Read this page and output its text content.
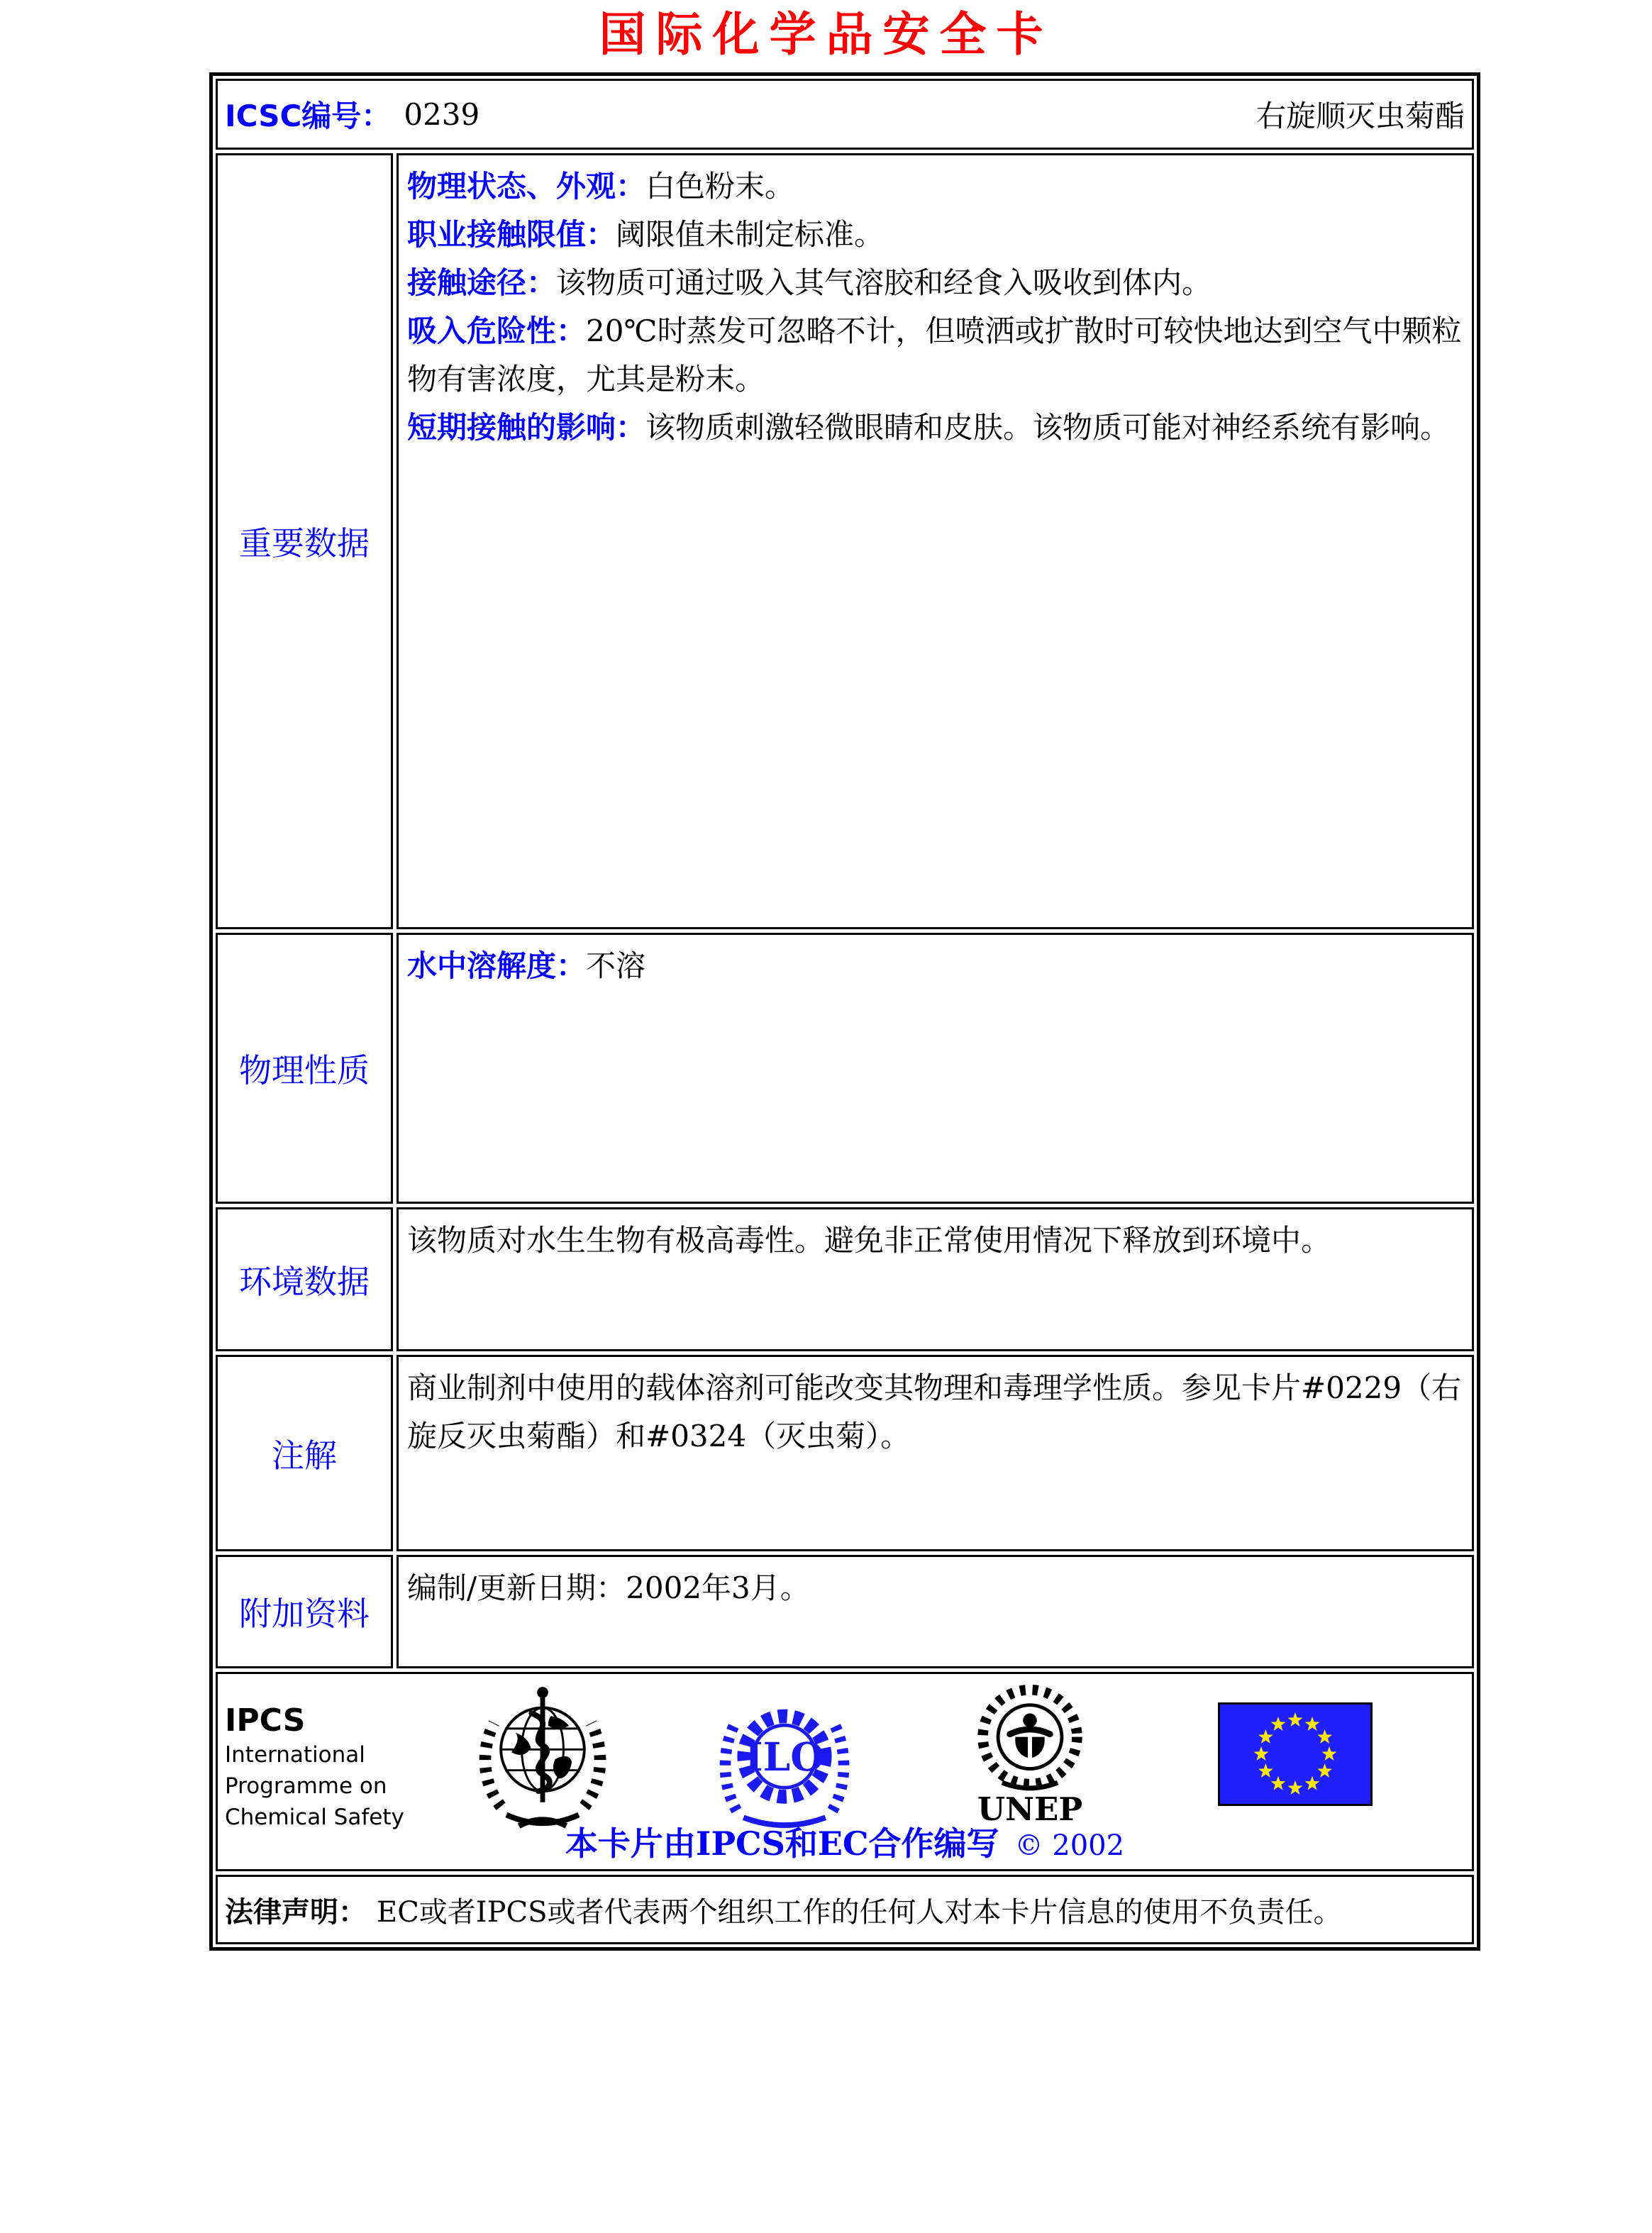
国际化学品安全卡
ICSC编号： 0239	右旋顺灭虫菊酯
重要数据

物理状态、外观：白色粉末。

职业接触限值：阈限值未制定标准。

接触途径：该物质可通过吸入其气溶胶和经食入吸收到体内。

吸入危险性：20℃时蒸发可忽略不计，但喷洒或扩散时可较快地达到空气中颗粒物有害浓度，尤其是粉末。

短期接触的影响：该物质刺激轻微眼睛和皮肤。该物质可能对神经系统有影响。

物理性质

水中溶解度：不溶

环境数据

该物质对水生生物有极高毒性。避免非正常使用情况下释放到环境中。

注解

商业制剂中使用的载体溶剂可能改变其物理和毒理学性质。参见卡片#0229（右旋反灭虫菊酯）和#0324（灭虫菊）。

附加资料

编制/更新日期：2002年3月。

IPCS
International
Programme on
Chemical Safety
ILO
UNEP
本卡片由IPCS和EC合作编写 © 2002
法律声明： EC或者IPCS或者代表两个组织工作的任何人对本卡片信息的使用不负责任。
